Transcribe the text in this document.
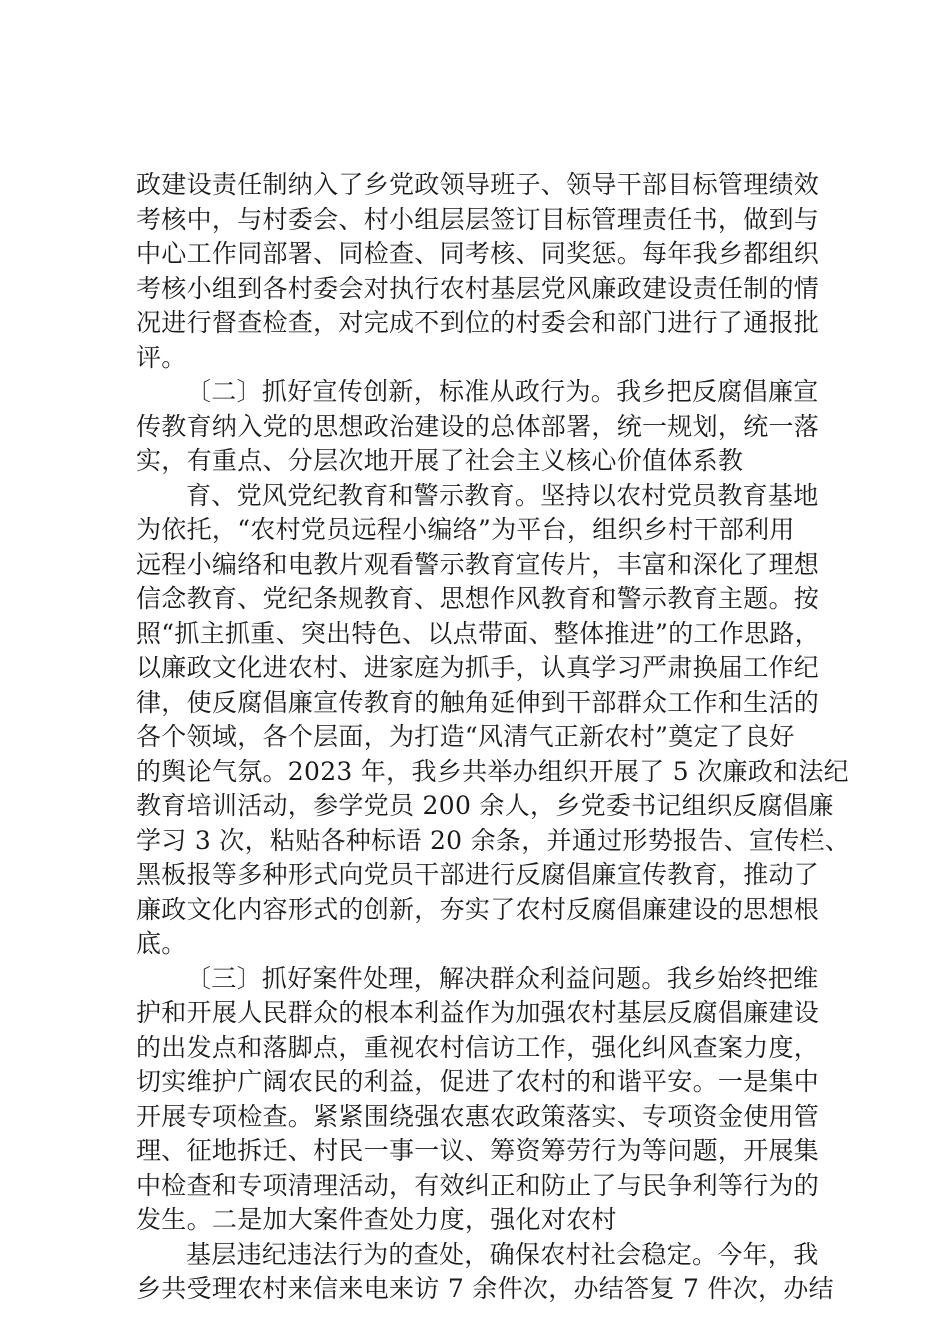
政建设责任制纳入了乡党政领导班子、领导干部目标管理绩效
考核中，与村委会、村小组层层签订目标管理责任书，做到与
中心工作同部署、同检查、同考核、同奖惩。每年我乡都组织
考核小组到各村委会对执行农村基层党风廉政建设责任制的情
况进行督查检查，对完成不到位的村委会和部门进行了通报批
评。
〔二〕抓好宣传创新，标准从政行为。我乡把反腐倡廉宣
传教育纳入党的思想政治建设的总体部署，统一规划，统一落
实，有重点、分层次地开展了社会主义核心价值体系教
育、党风党纪教育和警示教育。坚持以农村党员教育基地
为依托，“农村党员远程小编络”为平台，组织乡村干部利用
远程小编络和电教片观看警示教育宣传片，丰富和深化了理想
信念教育、党纪条规教育、思想作风教育和警示教育主题。按
照“抓主抓重、突出特色、以点带面、整体推进”的工作思路，
以廉政文化进农村、进家庭为抓手，认真学习严肃换届工作纪
律，使反腐倡廉宣传教育的触角延伸到干部群众工作和生活的
各个领域，各个层面，为打造“风清气正新农村”奠定了良好
的舆论气氛。2023 年，我乡共举办组织开展了 5 次廉政和法纪
教育培训活动，参学党员 200 余人，乡党委书记组织反腐倡廉
学习 3 次，粘贴各种标语 20 余条，并通过形势报告、宣传栏、
黑板报等多种形式向党员干部进行反腐倡廉宣传教育，推动了
廉政文化内容形式的创新，夯实了农村反腐倡廉建设的思想根
底。
〔三〕抓好案件处理，解决群众利益问题。我乡始终把维
护和开展人民群众的根本利益作为加强农村基层反腐倡廉建设
的出发点和落脚点，重视农村信访工作，强化纠风查案力度，
切实维护广阔农民的利益，促进了农村的和谐平安。一是集中
开展专项检查。紧紧围绕强农惠农政策落实、专项资金使用管
理、征地拆迁、村民一事一议、筹资筹劳行为等问题，开展集
中检查和专项清理活动，有效纠正和防止了与民争利等行为的
发生。二是加大案件查处力度，强化对农村
基层违纪违法行为的查处，确保农村社会稳定。今年，我
乡共受理农村来信来电来访 7 余件次，办结答复 7 件次，办结
